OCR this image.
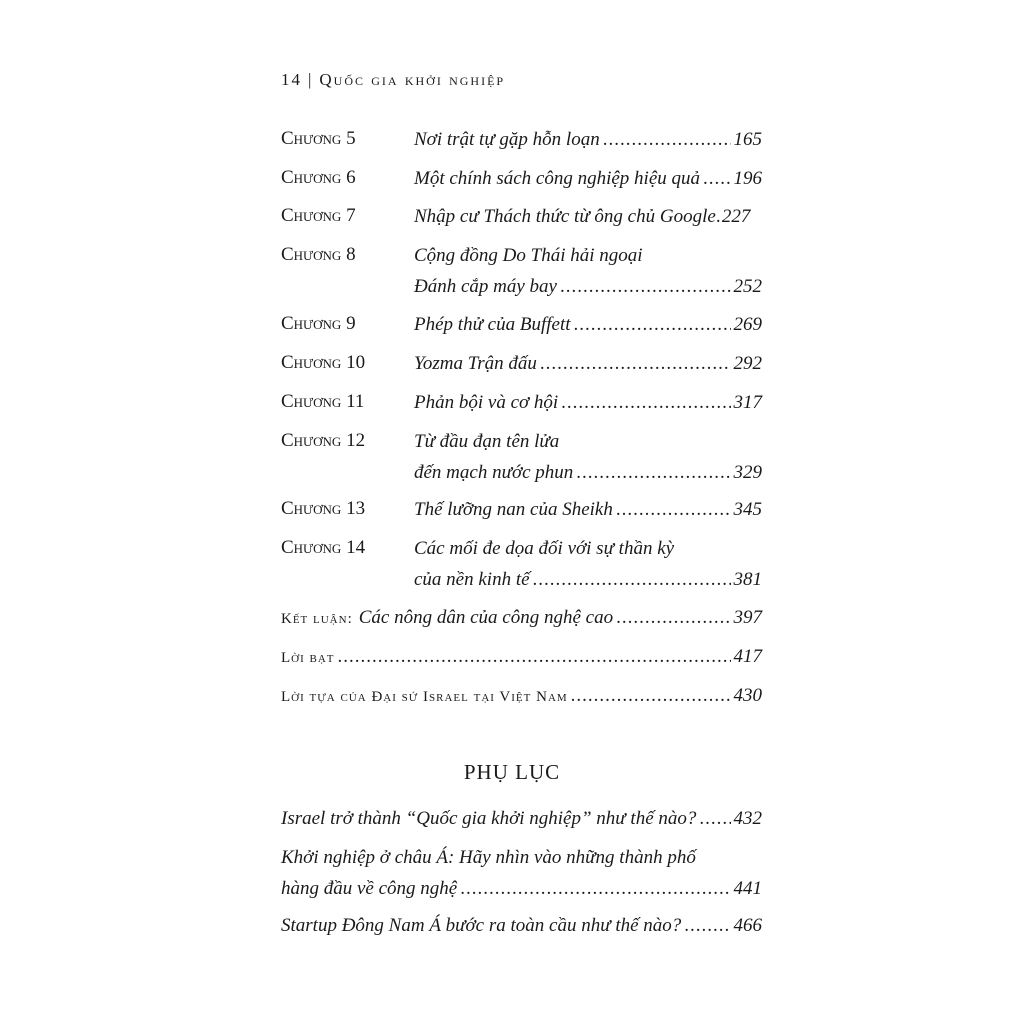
14 | Quốc gia khởi nghiệp
Chương 5	Nơi trật tự gặp hỗn loạn .....	165
Chương 6	Một chính sách công nghiệp hiệu quả ..... 196
Chương 7	Nhập cư Thách thức từ ông chủ Google ..... 227
Chương 8	Cộng đồng Do Thái hải ngoại
Đánh cắp máy bay .....	252
Chương 9	Phép thử của Buffett .....	269
Chương 10	Yozma Trận đấu .....	292
Chương 11	Phản bội và cơ hội .....	317
Chương 12	Từ đầu đạn tên lửa
đến mạch nước phun .....	329
Chương 13	Thế lưỡng nan của Sheikh .....	345
Chương 14	Các mối đe dọa đối với sự thần kỳ
của nền kinh tế .....	381
Kết luận: Các nông dân của công nghệ cao .....	397
Lời bạt .....	417
Lời tựa của Đại sứ Israel tại Việt Nam .....	430
PHỤ LỤC
Israel trở thành “Quốc gia khởi nghiệp” như thế nào? ..... 432
Khởi nghiệp ở châu Á: Hãy nhìn vào những thành phố
hàng đầu về công nghệ .....	441
Startup Đông Nam Á bước ra toàn cầu như thế nào? .....	466
